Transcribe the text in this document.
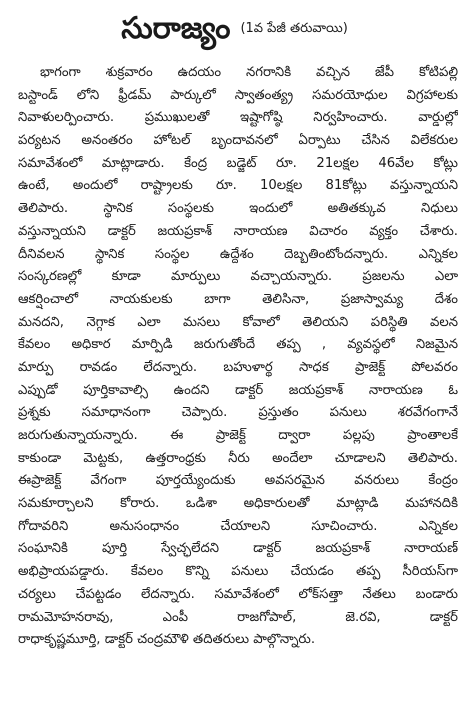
సురాజ్యం (1వ పేజీ తరువాయి)
భాగంగా శుక్రవారం ఉదయం నగరానికి వచ్చిన జేపీ కోటిపల్లి
బస్టాండ్ లోని ఫ్రీడమ్ పార్కులో స్వాతంత్య్ర సమరయోధుల విగ్రహాలకు
నివాళులర్పించారు. ప్రముఖులతో ఇష్టాగోష్ఠి నిర్వహించారు. వార్డుల్లో
పర్యటన అనంతరం హోటల్ బృందావనలో ఏర్పాటు చేసిన విలేకరుల
సమావేశంలో మాట్లాడారు. కేంద్ర బడ్జెట్ రూ. 21లక్షల 46వేల కోట్లు
ఉంటే, అందులో రాష్ట్రాలకు రూ. 10లక్షల 81కోట్లు వస్తున్నాయని
తెలిపారు. స్థానిక సంస్థలకు ఇందులో అతితక్కువ నిధులు
వస్తున్నాయని డాక్టర్ జయప్రకాశ్ నారాయణ విచారం వ్యక్తం చేశారు.
దీనివలన స్థానిక సంస్థల ఉద్దేశం దెబ్బతింటోందన్నారు. ఎన్నికల
సంస్కరణల్లో కూడా మార్పులు వచ్చాయన్నారు. ప్రజలను ఎలా
ఆకర్షించాలో నాయకులకు బాగా తెలిసినా, ప్రజాస్వామ్య దేశం
మనదని, నెగ్గాక ఎలా మసలు కోవాలో తెలియని పరిస్థితి వలన
కేవలం అధికార మార్పిడి జరుగుతోందే తప్ప , వ్యవస్థలో నిజమైన
మార్పు రావడం లేదన్నారు. బహుళార్థ సాధక ప్రాజెక్ట్ పోలవరం
ఎప్పుడో పూర్తికావాల్సి ఉందని డాక్టర్ జయప్రకాశ్ నారాయణ ఓ
ప్రశ్నకు సమాధానంగా చెప్పారు. ప్రస్తుతం పనులు శరవేగంగానే
జరుగుతున్నాయన్నారు. ఈ ప్రాజెక్ట్ ద్వారా పల్లపు ప్రాంతాలకే
కాకుండా మెట్టకు, ఉత్తరాంధ్రకు నీరు అందేలా చూడాలని తెలిపారు.
ఈప్రాజెక్ట్ వేగంగా పూర్తయ్యేందుకు అవసరమైన వనరులు కేంద్రం
సమకూర్చాలని కోరారు. ఒడిశా అధికారులతో మాట్లాడి మహానదికి
గోదావరిని అనుసంధానం చేయాలని సూచించారు. ఎన్నికల
సంఘానికి పూర్తి స్వేచ్ఛలేదని డాక్టర్ జయప్రకాశ్ నారాయణ్
అభిప్రాయపడ్డారు. కేవలం కొన్ని పనులు చేయడం తప్ప సీరియస్‌గా
చర్యలు చేపట్టడం లేదన్నారు. సమావేశంలో లోక్‌సత్తా నేతలు బండారు
రామమోహనరావు, ఎంపీ రాజగోపాల్, జె.రవి, డాక్టర్
రాధాకృష్ణమూర్తి, డాక్టర్ చంద్రమౌళి తదితరులు పాల్గొన్నారు.
